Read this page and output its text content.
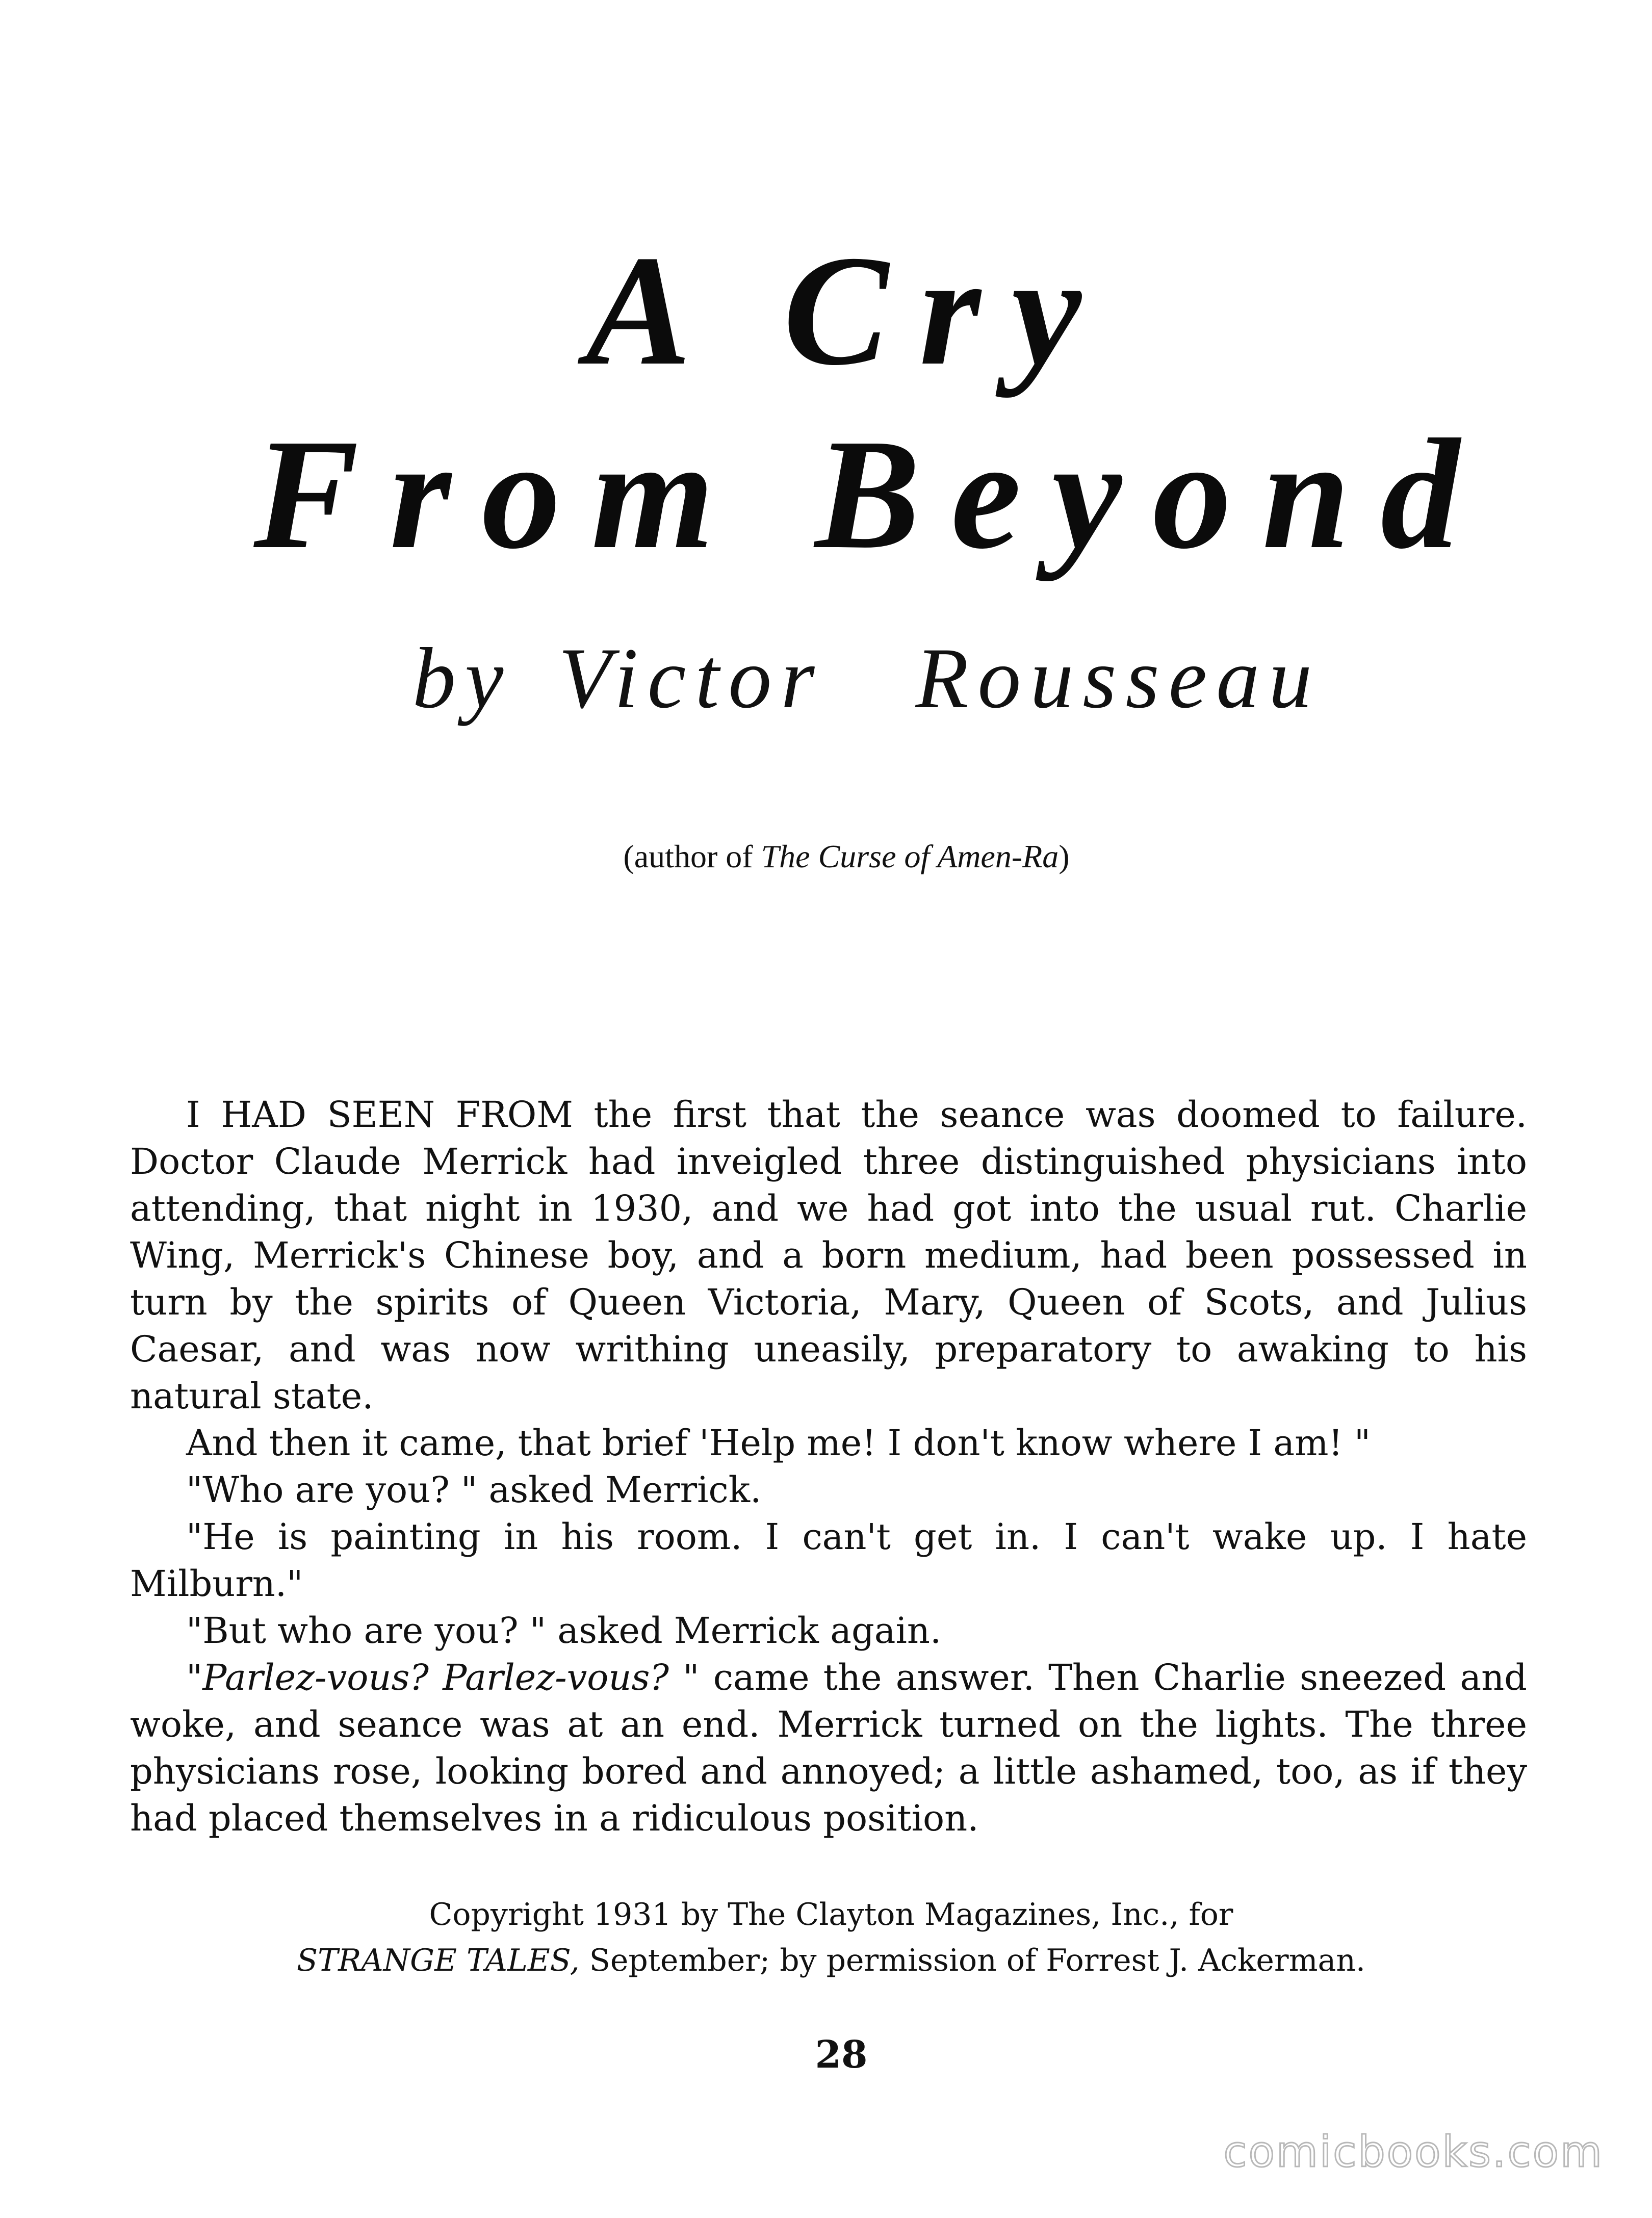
A Cry
From Beyond
by Victor Rousseau
(author of The Curse of Amen-Ra)

I HAD SEEN FROM the first that the seance was doomed to failure. Doctor Claude Merrick had inveigled three distinguished physicians into attending, that night in 1930, and we had got into the usual rut. Charlie Wing, Merrick's Chinese boy, and a born medium, had been possessed in turn by the spirits of Queen Victoria, Mary, Queen of Scots, and Julius Caesar, and was now writhing uneasily, preparatory to awaking to his natural state.

And then it came, that brief 'Help me! I don't know where I am! "

"Who are you? " asked Merrick.

"He is painting in his room. I can't get in. I can't wake up. I hate Milburn."

"But who are you? " asked Merrick again.

"Parlez-vous? Parlez-vous? " came the answer. Then Charlie sneezed and woke, and seance was at an end. Merrick turned on the lights. The three physicians rose, looking bored and annoyed; a little ashamed, too, as if they had placed themselves in a ridiculous position.

Copyright 1931 by The Clayton Magazines, Inc., for
STRANGE TALES, September; by permission of Forrest J. Ackerman.
28
comicbooks.com
